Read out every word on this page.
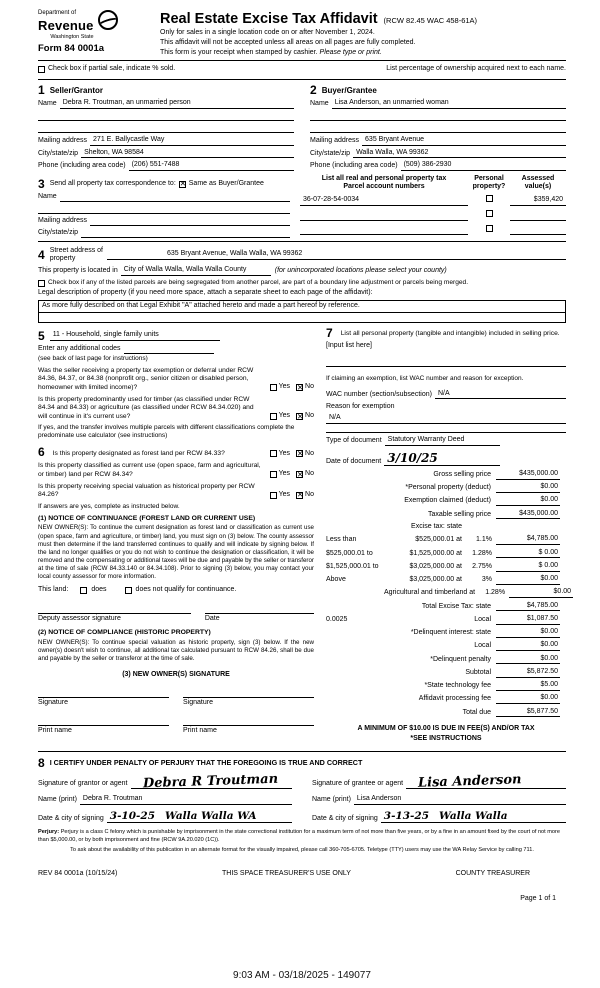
Department of
Revenue
Washington State
Form 84 0001a
Real Estate Excise Tax Affidavit (RCW 82.45 WAC 458-61A)
Only for sales in a single location code on or after November 1, 2024.
This affidavit will not be accepted unless all areas on all pages are fully completed.
This form is your receipt when stamped by cashier. Please type or print.
Check box if partial sale, indicate % sold.	List percentage of ownership acquired next to each name.
1 Seller/Grantor
Name Debra R. Troutman, an unmarried person
Mailing address 271 E. Ballycastle Way
City/state/zip Shelton, WA 98584
Phone (including area code) (206) 551-7488
2 Buyer/Grantee
Name Lisa Anderson, an unmarried woman
Mailing address 635 Bryant Avenue
City/state/zip Walla Walla, WA 99362
Phone (including area code) (509) 386-2930
3 Send all property tax correspondence to: ✕	Same as Buyer/Grantee
Name
Mailing address
City/state/zip
List all real and personal property tax
Parcel account numbers
Personal
property?
Assessed
value(s)
36-07-28-54-0034	$359,420
4 Street address of
property
635 Bryant Avenue, Walla Walla, WA 99362
This property is located in City of Walla Walla, Walla Walla County	(for unincorporated locations please select your county)
Check box if any of the listed parcels are being segregated from another parcel, are part of a boundary line adjustment or parcels being merged.
Legal description of property (if you need more space, attach a separate sheet to each page of the affidavit):
As more fully described on that Legal Exhibit "A" attached hereto and made a part hereof by reference.
5	11 - Household, single family units
Enter any additional codes
(see back of last page for instructions)
Was the seller receiving a property tax exemption or deferral under RCW 84.36, 84.37, or 84.38 (nonprofit org., senior citizen or disabled person, homeowner with limited income)?	Yes ✕ No
Is this property predominantly used for timber (as classified under RCW 84.34 and 84.33) or agriculture (as classified under RCW 84.34.020) and will continue in it's current use?	Yes ✕ No
If yes, and the transfer involves multiple parcels with different classifications complete the predominate use calculator (see instructions)
6	Is this property designated as forest land per RCW 84.33?	Yes ✕ No
Is this property classified as current use (open space, farm and agricultural, or timber) land per RCW 84.34?	Yes ✕ No
Is this property receiving special valuation as historical property per RCW 84.26?	Yes ✕ No
If answers are yes, complete as instructed below.
(1) NOTICE OF CONTINUANCE (FOREST LAND OR CURRENT USE)
NEW OWNER(S): To continue the current designation as forest land or classification as current use (open space, farm and agriculture, or timber) land, you must sign on (3) below. The county assessor must then determine if the land transferred continues to qualify and will indicate by signing below. If the land no longer qualifies or you do not wish to continue the designation or classification, it will be removed and the compensating or additional taxes will be due and payable by the seller or transferor at the time of sale (RCW 84.33.140 or 84.34.108). Prior to signing (3) below, you may contact your local county assessor for more information.
This land:	does	does not qualify for continuance.
Deputy assessor signature	Date
(2) NOTICE OF COMPLIANCE (HISTORIC PROPERTY)
NEW OWNER(S): To continue special valuation as historic property, sign (3) below. If the new owner(s) doesn't wish to continue, all additional tax calculated pursuant to RCW 84.26, shall be due and payable by the seller or transferor at the time of sale.
(3) NEW OWNER(S) SIGNATURE
Signature	Signature
Print name	Print name
7	List all personal property (tangible and intangible) included in selling price.
[Input list here]
If claiming an exemption, list WAC number and reason for exception.
WAC number (section/subsection) N/A
Reason for exemption
N/A
Type of document Statutory Warranty Deed
Date of document 3/10/25
Gross selling price	$435,000.00
*Personal property (deduct)	$0.00
Exemption claimed (deduct)	$0.00
Taxable selling price	$435,000.00
Excise tax: state
Less than	$525,000.01 at	1.1%	$4,785.00
$525,000.01 to	$1,525,000.00 at	1.28%	$ 0.00
$1,525,000.01 to	$3,025,000.00 at	2.75%	$ 0.00
Above	$3,025,000.00 at	3%	$0.00
Agricultural and timberland at	1.28%	$0.00
Total Excise Tax: state	$4,785.00
0.0025	Local	$1,087.50
*Delinquent interest: state	$0.00
Local	$0.00
*Delinquent penalty	$0.00
Subtotal	$5,872.50
*State technology fee	$5.00
Affidavit processing fee	$0.00
Total due	$5,877.50
A MINIMUM OF $10.00 IS DUE IN FEE(S) AND/OR TAX
*SEE INSTRUCTIONS
8 I CERTIFY UNDER PENALTY OF PERJURY THAT THE FOREGOING IS TRUE AND CORRECT
Signature of grantor or agent Debra R Troutman
Name (print) Debra R. Troutman
Date & city of signing 3-10-25 Walla Walla WA
Signature of grantee or agent Lisa Anderson
Name (print) Lisa Anderson
Date & city of signing 3-13-25 Walla Walla
Perjury: Perjury is a class C felony which is punishable by imprisonment in the state correctional institution for a maximum term of not more than five years, or by a fine in an amount fixed by the court of not more than $5,000.00, or by both imprisonment and fine (RCW 9A.20.020 (1C)).
To ask about the availability of this publication in an alternate format for the visually impaired, please call 360-705-6705. Teletype (TTY) users may use the WA Relay Service by calling 711.
REV 84 0001a (10/15/24)	THIS SPACE TREASURER'S USE ONLY	COUNTY TREASURER
Page 1 of 1
9:03 AM - 03/18/2025 - 149077
